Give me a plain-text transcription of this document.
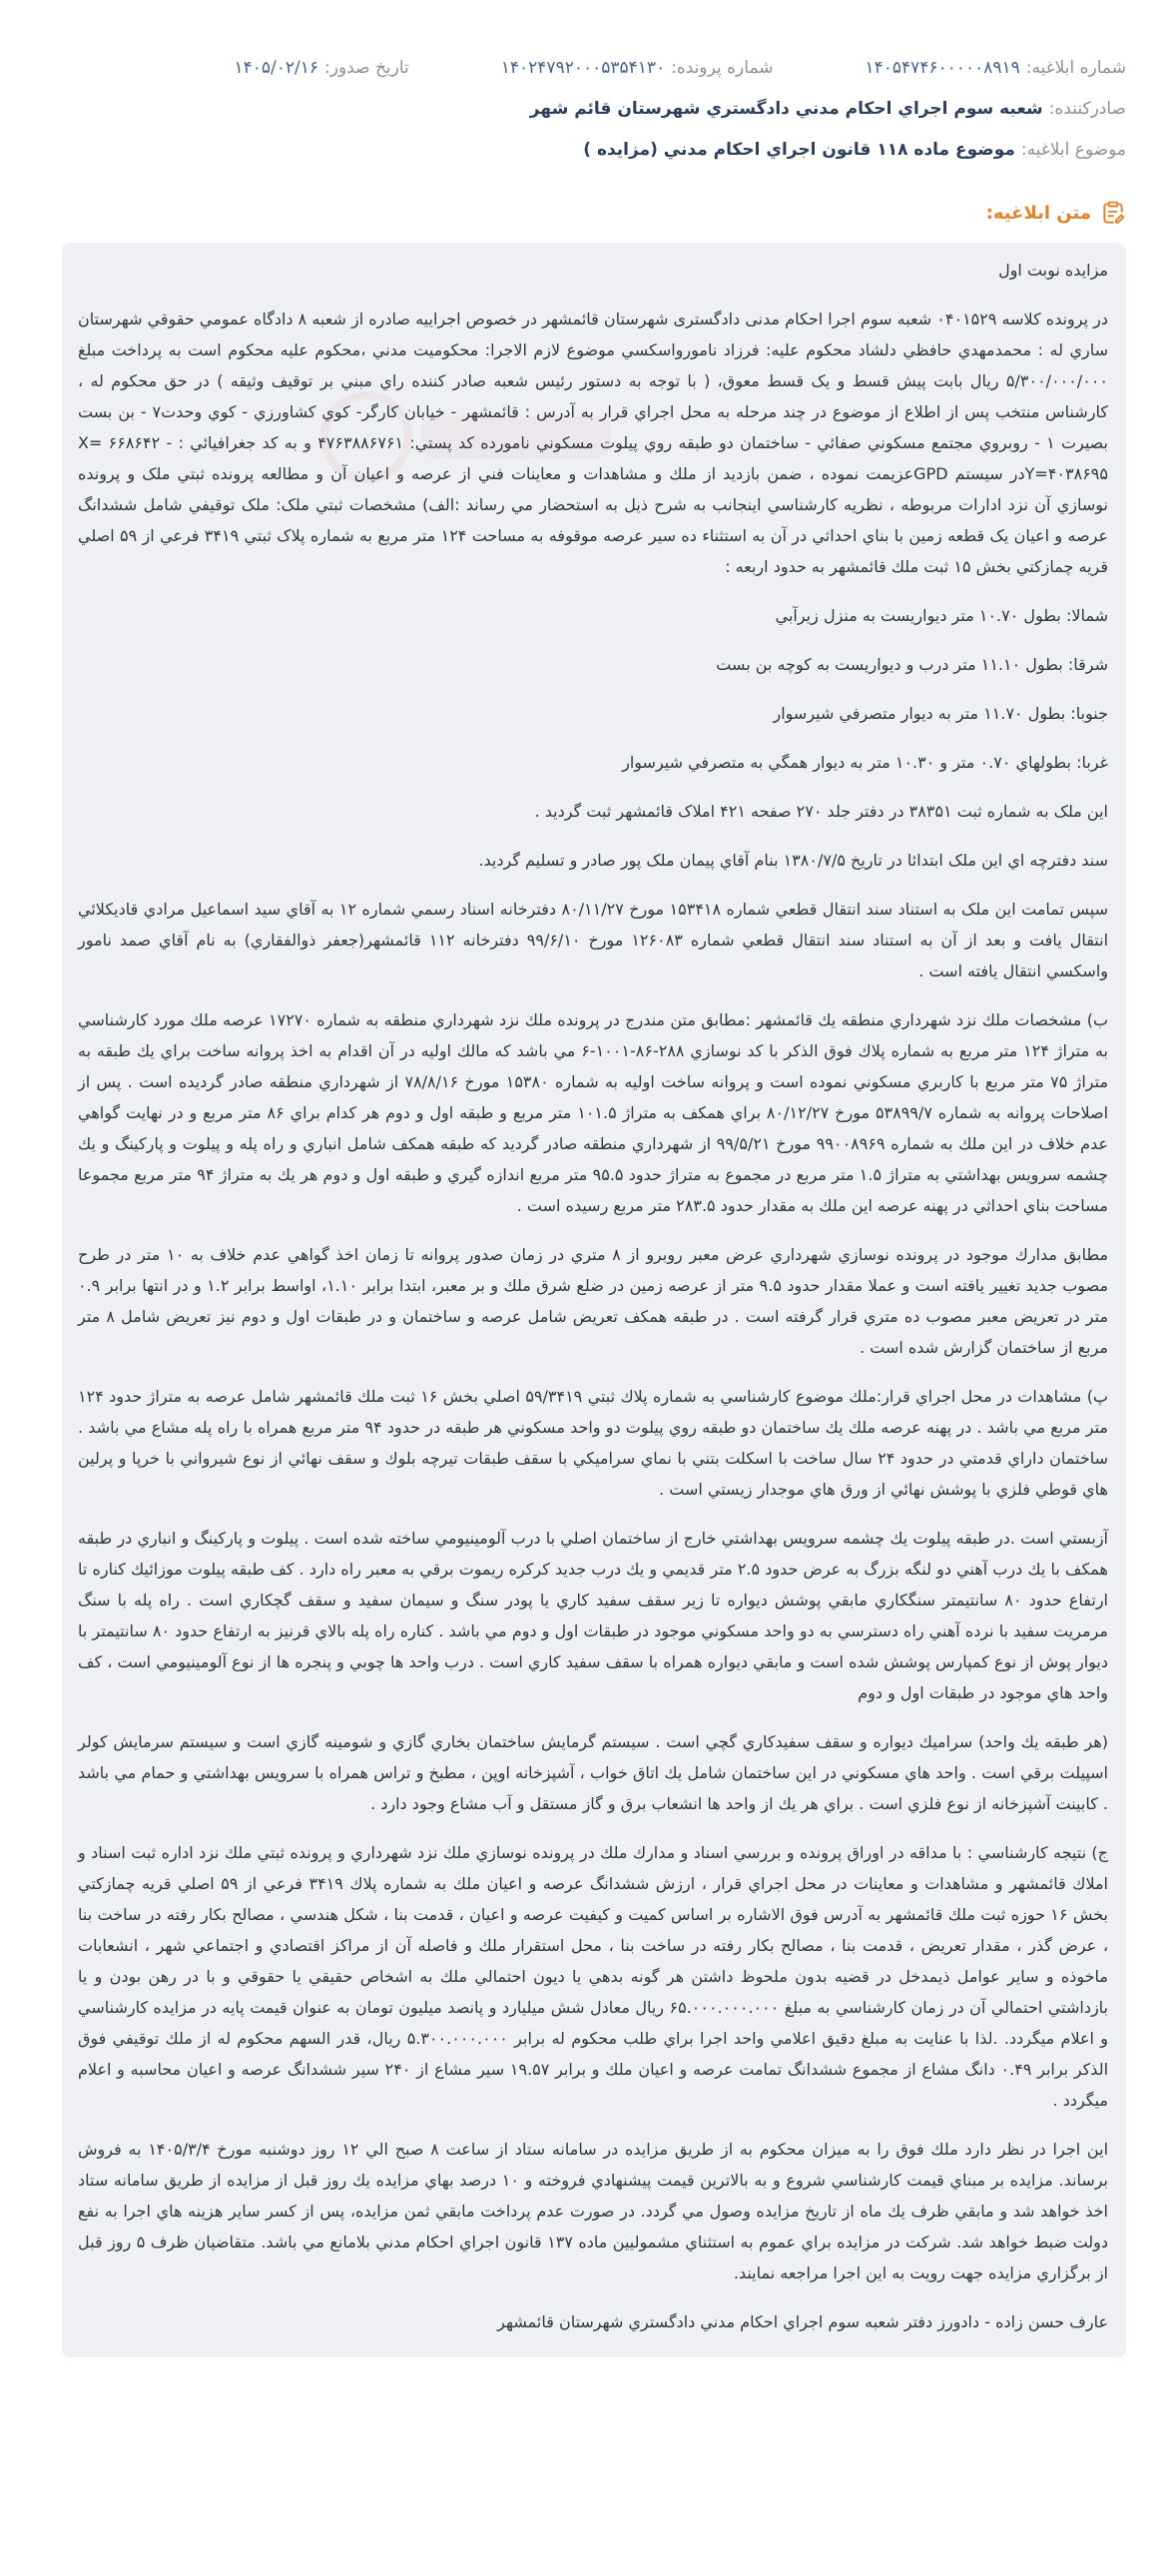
شماره ابلاغیه:
۱۴۰۵۴۷۴۶۰۰۰۰۰۸۹۱۹
شماره پرونده:
۱۴۰۲۴۷۹۲۰۰۰۵۳۵۴۱۳۰
تاریخ صدور:
۱۴۰۵/۰۲/۱۶
صادرکننده:
شعبه سوم اجراي احكام مدني دادگستري شهرستان قائم شهر
موضوع ابلاغیه:
موضوع ماده ۱۱۸ قانون اجراي احكام مدني (مزايده )
متن ابلاغیه:

مزایده نوبت اول

در پرونده کلاسه ۰۴۰۱۵۲۹ شعبه سوم اجرا احکام مدنی دادگستری شهرستان قائمشهر در خصوص اجراییه صادره از شعبه ۸ دادگاه عمومي حقوقي شهرستان ساري له : محمدمهدي حافظي دلشاد محکوم عليه: فرزاد نامورواسکسي موضوع لازم الاجرا: محکوميت مدني ،محکوم عليه محکوم است به پرداخت مبلغ ۵/۳۰۰/۰۰۰/۰۰۰ ريال بابت پيش قسط و يک قسط معوق، ( با توجه به دستور رئيس شعبه صادر کننده راي مبني بر توقيف وثيقه ) در حق محکوم له ، کارشناس منتخب پس از اطلاع از موضوع در چند مرحله به محل اجراي قرار به آدرس : قائمشهر - خيابان کارگر- کوي کشاورزي - کوي وحدت۷ - بن بست بصيرت ۱ - روبروي مجتمع مسکوني صفائي - ساختمان دو طبقه روي پيلوت مسکوني نامورده کد پستي: ۴۷۶۳۸۸۶۷۶۱ و به کد جغرافيائي : X= ۶۶۸۶۴۲ - Y=۴۰۳۸۶۹۵در سيستم GPDعزيمت نموده ، ضمن بازديد از ملك و مشاهدات و معاينات فني از عرصه و اعيان آن و مطالعه پرونده ثبتي ملک و پرونده نوسازي آن نزد ادارات مربوطه ، نظريه کارشناسي اينجانب به شرح ذيل به استحضار مي رساند :الف) مشخصات ثبتي ملک: ملک توقيفي شامل ششدانگ عرصه و اعيان يک قطعه زمين با بناي احداثي در آن به استثناء ده سير عرصه موقوفه به مساحت ۱۲۴ متر مربع به شماره پلاک ثبتي ۳۴۱۹ فرعي از ۵۹ اصلي قريه چمازكتي بخش ۱۵ ثبت ملك قائمشهر به حدود اربعه :

شمالا: بطول ۱۰.۷۰ متر ديواريست به منزل زيرآبي

شرقا: بطول ۱۱.۱۰ متر درب و ديواريست به کوچه بن بست

جنوبا: بطول ۱۱.۷۰ متر به ديوار متصرفي شيرسوار

غربا: بطولهاي ۰.۷۰ متر و ۱۰.۳۰ متر به ديوار همگي به متصرفي شيرسوار

اين ملک به شماره ثبت ۳۸۳۵۱ در دفتر جلد ۲۷۰ صفحه ۴۲۱ املاک قائمشهر ثبت گرديد .

سند دفترچه اي اين ملک ابتدائا در تاريخ ۱۳۸۰/۷/۵ بنام آقاي پيمان ملک پور صادر و تسليم گرديد.

سپس تمامت اين ملک به استناد سند انتقال قطعي شماره ۱۵۳۴۱۸ مورخ ۸۰/۱۱/۲۷ دفترخانه اسناد رسمي شماره ۱۲ به آقاي سيد اسماعيل مرادي قاديکلائي انتقال يافت و بعد از آن به استناد سند انتقال قطعي شماره ۱۲۶۰۸۳ مورخ ۹۹/۶/۱۰ دفترخانه ۱۱۲ قائمشهر(جعفر ذوالفقاري) به نام آقاي صمد نامور واسکسي انتقال يافته است .

ب) مشخصات ملك نزد شهرداري منطقه يك قائمشهر :مطابق متن مندرج در پرونده ملك نزد شهرداري منطقه به شماره ۱۷۲۷۰ عرصه ملك مورد كارشناسي به متراژ ۱۲۴ متر مربع به شماره پلاك فوق الذكر با كد نوسازي ۲۸۸-۸۶-۱۰۰۱-۶ مي باشد كه مالك اوليه در آن اقدام به اخذ پروانه ساخت براي يك طبقه به متراژ ۷۵ متر مربع با كاربري مسكوني نموده است و پروانه ساخت اوليه به شماره ۱۵۳۸۰ مورخ ۷۸/۸/۱۶ از شهرداري منطقه صادر گرديده است . پس از اصلاحات پروانه به شماره ۵۳۸۹۹/۷ مورخ ۸۰/۱۲/۲۷ براي همكف به متراژ ۱۰۱.۵ متر مربع و طبقه اول و دوم هر كدام براي ۸۶ متر مربع و در نهايت گواهي عدم خلاف در اين ملك به شماره ۹۹۰۰۸۹۶۹ مورخ ۹۹/۵/۲۱ از شهرداري منطقه صادر گرديد كه طبقه همكف شامل انباري و راه پله و پيلوت و پاركينگ و يك چشمه سرويس بهداشتي به متراژ ۱.۵ متر مربع در مجموع به متراژ حدود ۹۵.۵ متر مربع اندازه گيري و طبقه اول و دوم هر يك به متراژ ۹۴ متر مربع مجموعا مساحت بناي احداثي در پهنه عرصه اين ملك به مقدار حدود ۲۸۳.۵ متر مربع رسيده است .

مطابق مدارك موجود در پرونده نوسازي شهرداري عرض معبر روبرو از ۸ متري در زمان صدور پروانه تا زمان اخذ گواهي عدم خلاف به ۱۰ متر در طرح مصوب جديد تغيير يافته است و عملا مقدار حدود ۹.۵ متر از عرصه زمين در ضلع شرق ملك و بر معبر، ابتدا برابر ۱.۱۰، اواسط برابر ۱.۲ و در انتها برابر ۰.۹ متر در تعريض معبر مصوب ده متري قرار گرفته است . در طبقه همكف تعريض شامل عرصه و ساختمان و در طبقات اول و دوم نيز تعريض شامل ۸ متر مربع از ساختمان گزارش شده است .

پ) مشاهدات در محل اجراي قرار:ملك موضوع كارشناسي به شماره پلاك ثبتي ۵۹/۳۴۱۹ اصلي بخش ۱۶ ثبت ملك قائمشهر شامل عرصه به متراژ حدود ۱۲۴ متر مربع مي باشد . در پهنه عرصه ملك يك ساختمان دو طبقه روي پيلوت دو واحد مسكوني هر طبقه در حدود ۹۴ متر مربع همراه با راه پله مشاع مي باشد . ساختمان داراي قدمتي در حدود ۲۴ سال ساخت با اسكلت بتني با نماي سراميكي با سقف طبقات تيرچه بلوك و سقف نهائي از نوع شيرواني با خرپا و پرلين هاي قوطي فلزي با پوشش نهائي از ورق هاي موجدار زيستي است .

آزبستي است .در طبقه پيلوت يك چشمه سرويس بهداشتي خارج از ساختمان اصلي با درب آلومينيومي ساخته شده است . پيلوت و پاركينگ و انباري در طبقه همكف با يك درب آهني دو لنگه بزرگ به عرض حدود ۲.۵ متر قديمي و يك درب جديد كركره ريموت برقي به معبر راه دارد . كف طبقه پيلوت موزائيك كناره تا ارتفاع حدود ۸۰ سانتيمتر سنگكاري مابقي پوشش ديواره تا زير سقف سفيد كاري يا پودر سنگ و سيمان سفيد و سقف گچكاري است . راه پله با سنگ مرمريت سفيد با نرده آهني راه دسترسي به دو واحد مسكوني موجود در طبقات اول و دوم مي باشد . كناره راه پله بالاي قرنيز به ارتفاع حدود ۸۰ سانتيمتر با ديوار پوش از نوع كمپارس پوشش شده است و مابقي ديواره همراه با سقف سفيد كاري است . درب واحد ها چوبي و پنجره ها از نوع آلومينيومي است ، كف واحد هاي موجود در طبقات اول و دوم

(هر طبقه يك واحد) سراميك ديواره و سقف سفيدكاري گچي است . سيستم گرمايش ساختمان بخاري گازي و شومينه گازي است و سيستم سرمايش كولر اسپيلت برقي است . واحد هاي مسكوني در اين ساختمان شامل يك اتاق خواب ، آشپزخانه اوپن ، مطبخ و تراس همراه با سرويس بهداشتي و حمام مي باشد . كابينت آشپزخانه از نوع فلزي است . براي هر يك از واحد ها انشعاب برق و گاز مستقل و آب مشاع وجود دارد .

ج) نتيجه كارشناسي : با مداقه در اوراق پرونده و بررسي اسناد و مدارك ملك در پرونده نوسازي ملك نزد شهرداري و پرونده ثبتي ملك نزد اداره ثبت اسناد و املاك قائمشهر و مشاهدات و معاينات در محل اجراي قرار ، ارزش ششدانگ عرصه و اعيان ملك به شماره پلاك ۳۴۱۹ فرعي از ۵۹ اصلي قريه چمازكتي بخش ۱۶ حوزه ثبت ملك قائمشهر به آدرس فوق الاشاره بر اساس كميت و كيفيت عرصه و اعيان ، قدمت بنا ، شكل هندسي ، مصالح بكار رفته در ساخت بنا ، عرض گذر ، مقدار تعريض ، قدمت بنا ، مصالح بكار رفته در ساخت بنا ، محل استقرار ملك و فاصله آن از مراكز اقتصادي و اجتماعي شهر ، انشعابات ماخوذه و ساير عوامل ذيمدخل در قضيه بدون ملحوظ داشتن هر گونه بدهي يا ديون احتمالي ملك به اشخاص حقيقي يا حقوقي و با در رهن بودن و يا بازداشتي احتمالي آن در زمان كارشناسي به مبلغ ۶۵.۰۰۰.۰۰۰.۰۰۰ ريال معادل شش ميليارد و پانصد ميليون تومان به عنوان قيمت پايه در مزايده كارشناسي و اعلام ميگردد. .لذا با عنايت به مبلغ دقيق اعلامي واحد اجرا براي طلب محكوم له برابر ۵.۳۰۰.۰۰۰.۰۰۰ ريال، قدر السهم محكوم له از ملك توقيفي فوق الذكر برابر ۰.۴۹ دانگ مشاع از مجموع ششدانگ تمامت عرصه و اعيان ملك و برابر ۱۹.۵۷ سير مشاع از ۲۴۰ سير ششدانگ عرصه و اعيان محاسبه و اعلام ميگردد .

اين اجرا در نظر دارد ملك فوق را به ميزان محكوم به از طريق مزايده در سامانه ستاد از ساعت ۸ صبح الي ۱۲ روز دوشنبه مورخ ۱۴۰۵/۳/۴ به فروش برساند. مزايده بر مبناي قيمت كارشناسي شروع و به بالاترين قيمت پيشنهادي فروخته و ۱۰ درصد بهاي مزايده يك روز قبل از مزايده از طريق سامانه ستاد اخذ خواهد شد و مابقي ظرف يك ماه از تاريخ مزايده وصول مي گردد. در صورت عدم پرداخت مابقي ثمن مزايده، پس از كسر ساير هزينه هاي اجرا به نفع دولت ضبط خواهد شد. شركت در مزايده براي عموم به استثناي مشموليين ماده ۱۳۷ قانون اجراي احكام مدني بلامانع مي باشد. متقاضيان ظرف ۵ روز قبل از برگزاري مزايده جهت رويت به اين اجرا مراجعه نمايند.

عارف حسن زاده - دادورز دفتر شعبه سوم اجراي احكام مدني دادگستري شهرستان قائمشهر
